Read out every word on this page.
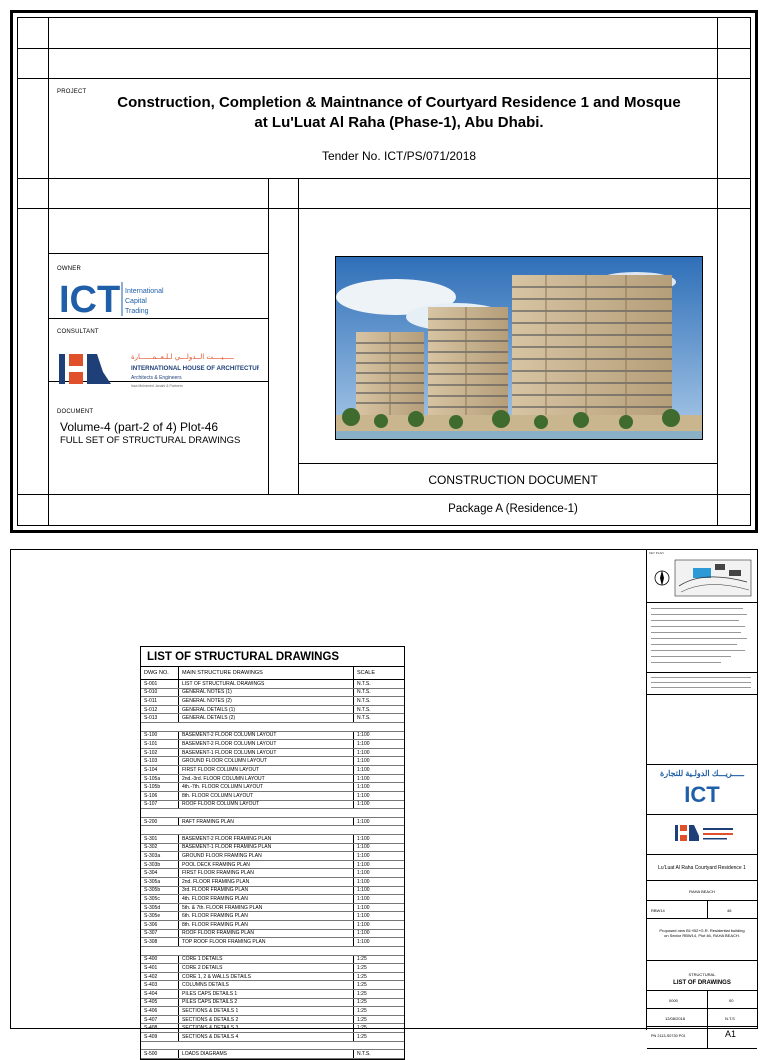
PROJECT
Construction, Completion & Maintnance of Courtyard Residence 1 and Mosque
at Lu'Luat Al Raha (Phase-1), Abu Dhabi.
Tender No. ICT/PS/071/2018
OWNER
ICT International
Capital
Trading
CONSULTANT
ـــــيــــت الــدولـــي لـلـعــمــــــارة
INTERNATIONAL HOUSE OF ARCHITECTURE
Architects & Engineers
Issa Mohamed Janahi & Partners
DOCUMENT
Volume-4 (part-2 of 4) Plot-46
FULL SET OF STRUCTURAL DRAWINGS
CONSTRUCTION DOCUMENT
Package A (Residence-1)
LIST OF STRUCTURAL DRAWINGS
DWG NO.	MAIN STRUCTURE DRAWINGS	SCALE
S-001	LIST OF STRUCTURAL DRAWINGS	N.T.S.
S-010	GENERAL NOTES (1)	N.T.S.
S-011	GENERAL NOTES (2)	N.T.S.
S-012	GENERAL DETAILS (1)	N.T.S.
S-013	GENERAL DETAILS (2)	N.T.S.
S-100	BASEMENT-2 FLOOR COLUMN LAYOUT	1:100
S-101	BASEMENT-2 FLOOR COLUMN LAYOUT	1:100
S-102	BASEMENT-1 FLOOR COLUMN LAYOUT	1:100
S-103	GROUND FLOOR COLUMN LAYOUT	1:100
S-104	FIRST FLOOR COLUMN LAYOUT	1:100
S-105a	2nd.-3rd. FLOOR COLUMN LAYOUT	1:100
S-105b	4th.-7th. FLOOR COLUMN LAYOUT	1:100
S-106	8th. FLOOR COLUMN LAYOUT	1:100
S-107	ROOF FLOOR COLUMN LAYOUT	1:100
S-200	RAFT FRAMING PLAN	1:100
S-301	BASEMENT-2 FLOOR FRAMING PLAN	1:100
S-302	BASEMENT-1 FLOOR FRAMING PLAN	1:100
S-303a	GROUND FLOOR FRAMING PLAN	1:100
S-303b	POOL DECK FRAMING PLAN	1:100
S-304	FIRST FLOOR FRAMING PLAN	1:100
S-305a	2nd. FLOOR FRAMING PLAN	1:100
S-305b	3rd. FLOOR FRAMING PLAN	1:100
S-305c	4th. FLOOR FRAMING PLAN	1:100
S-305d	5th. & 7th. FLOOR FRAMING PLAN	1:100
S-305e	6th. FLOOR FRAMING PLAN	1:100
S-306	8th. FLOOR FRAMING PLAN	1:100
S-307	ROOF FLOOR FRAMING PLAN	1:100
S-308	TOP ROOF FLOOR FRAMING PLAN	1:100
S-400	CORE 1 DETAILS	1:25
S-401	CORE 2 DETAILS	1:25
S-402	CORE 1, 2 & WALLS DETAILS	1:25
S-403	COLUMNS DETAILS	1:25
S-404	PILES CAPS DETAILS 1	1:25
S-405	PILES CAPS DETAILS 2	1:25
S-406	SECTIONS & DETAILS 1	1:25
S-407	SECTIONS & DETAILS 2	1:25
S-408	SECTIONS & DETAILS 3	1:25
S-409	SECTIONS & DETAILS 4	1:25
S-500	LOADS DIAGRAMS	N.T.S.
KEY PLAN
ـــــريـــك الدولـية للتجارة
ICT
Lu'Luat Al Raha Courtyard Residence 1
RAHA BEACH
RBW14	46
Proposed new B1+B2+G.R. Residential building on Sector RBW14, Plot 46, RAHA BEACH.
STRUCTURAL
LIST OF DRAWINGS
0000	00
12/08/2018	N.T.S
PN 2113-S0730 P01	A1
